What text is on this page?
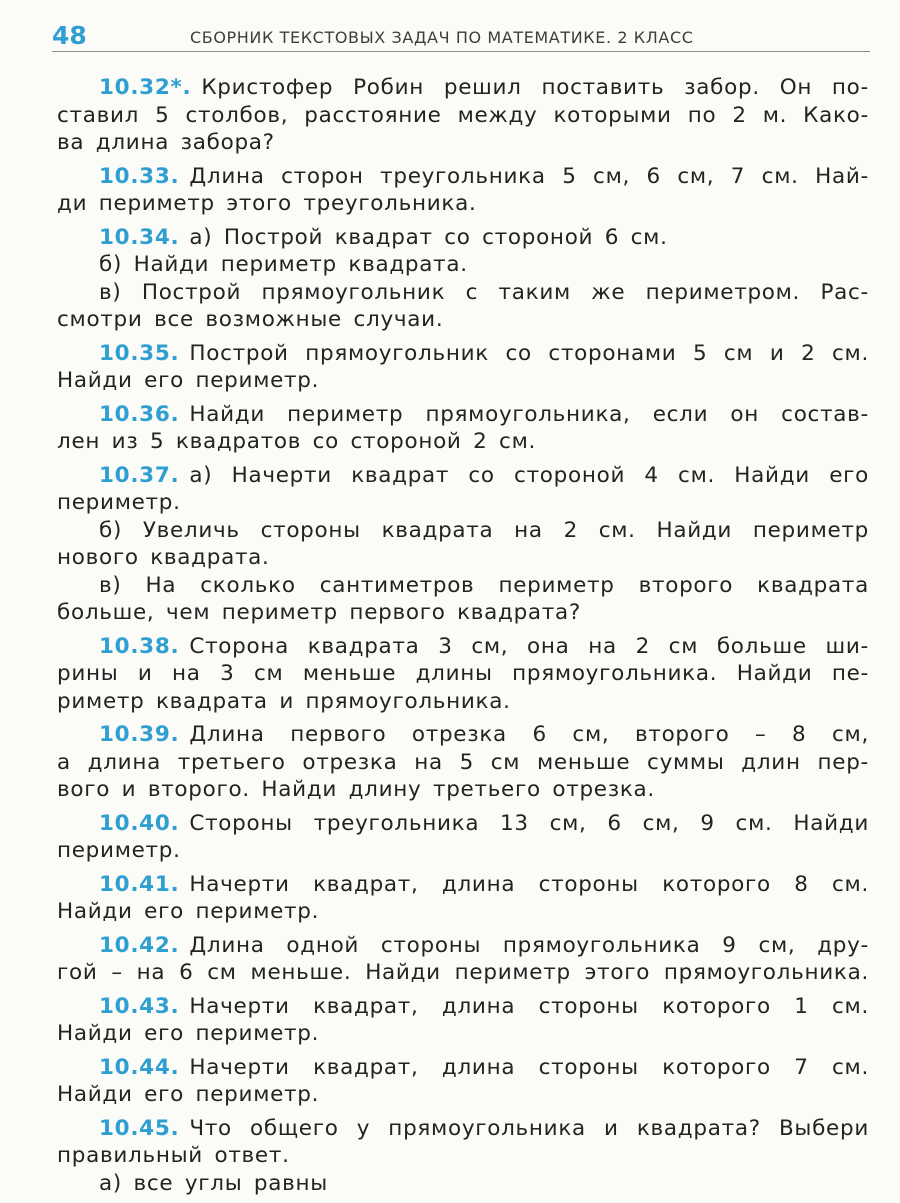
48	СБОРНИК ТЕКСТОВЫХ ЗАДАЧ ПО МАТЕМАТИКЕ. 2 КЛАСС
10.32*. Кристофер Робин решил поставить забор. Он по-
ставил 5 столбов, расстояние между которыми по 2 м. Како-
ва длина забора?
10.33. Длина сторон треугольника 5 см, 6 см, 7 см. Най-
ди периметр этого треугольника.
10.34. а) Построй квадрат со стороной 6 см.
б) Найди периметр квадрата.
в) Построй прямоугольник с таким же периметром. Рас-
смотри все возможные случаи.
10.35. Построй прямоугольник со сторонами 5 см и 2 см.
Найди его периметр.
10.36. Найди периметр прямоугольника, если он состав-
лен из 5 квадратов со стороной 2 см.
10.37. а) Начерти квадрат со стороной 4 см. Найди его
периметр.
б) Увеличь стороны квадрата на 2 см. Найди периметр
нового квадрата.
в) На сколько сантиметров периметр второго квадрата
больше, чем периметр первого квадрата?
10.38. Сторона квадрата 3 см, она на 2 см больше ши-
рины и на 3 см меньше длины прямоугольника. Найди пе-
риметр квадрата и прямоугольника.
10.39. Длина первого отрезка 6 см, второго – 8 см,
а длина третьего отрезка на 5 см меньше суммы длин пер-
вого и второго. Найди длину третьего отрезка.
10.40. Стороны треугольника 13 см, 6 см, 9 см. Найди
периметр.
10.41. Начерти квадрат, длина стороны которого 8 см.
Найди его периметр.
10.42. Длина одной стороны прямоугольника 9 см, дру-
гой – на 6 см меньше. Найди периметр этого прямоугольника.
10.43. Начерти квадрат, длина стороны которого 1 см.
Найди его периметр.
10.44. Начерти квадрат, длина стороны которого 7 см.
Найди его периметр.
10.45. Что общего у прямоугольника и квадрата? Выбери
правильный ответ.
а) все углы равны
